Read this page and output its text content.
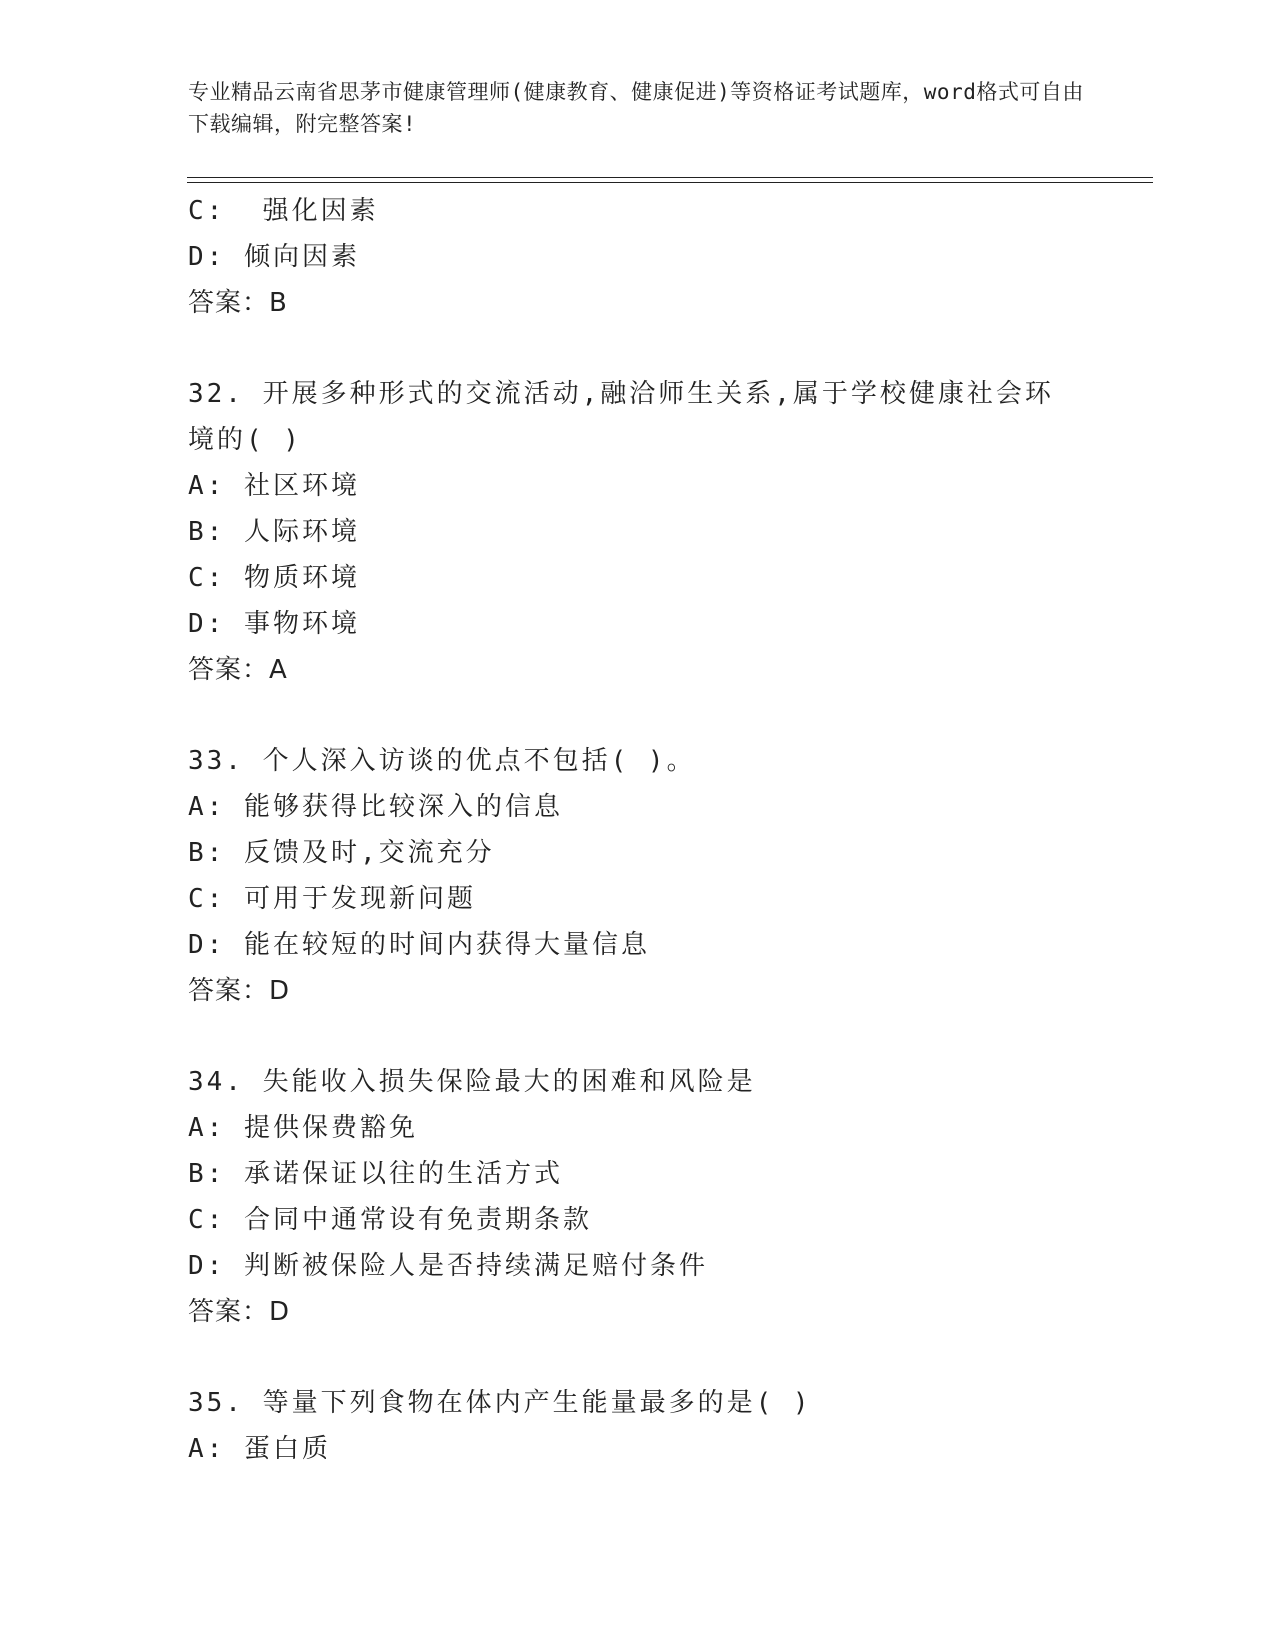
专业精品云南省思茅市健康管理师(健康教育、健康促进)等资格证考试题库，word格式可自由下载编辑，附完整答案!
C:  强化因素
D: 倾向因素
答案：B
32. 开展多种形式的交流活动,融洽师生关系,属于学校健康社会环境的( )
A: 社区环境
B: 人际环境
C: 物质环境
D: 事物环境
答案：A
33. 个人深入访谈的优点不包括( )。
A: 能够获得比较深入的信息
B: 反馈及时,交流充分
C: 可用于发现新问题
D: 能在较短的时间内获得大量信息
答案：D
34. 失能收入损失保险最大的困难和风险是
A: 提供保费豁免
B: 承诺保证以往的生活方式
C: 合同中通常设有免责期条款
D: 判断被保险人是否持续满足赔付条件
答案：D
35. 等量下列食物在体内产生能量最多的是( )
A: 蛋白质
